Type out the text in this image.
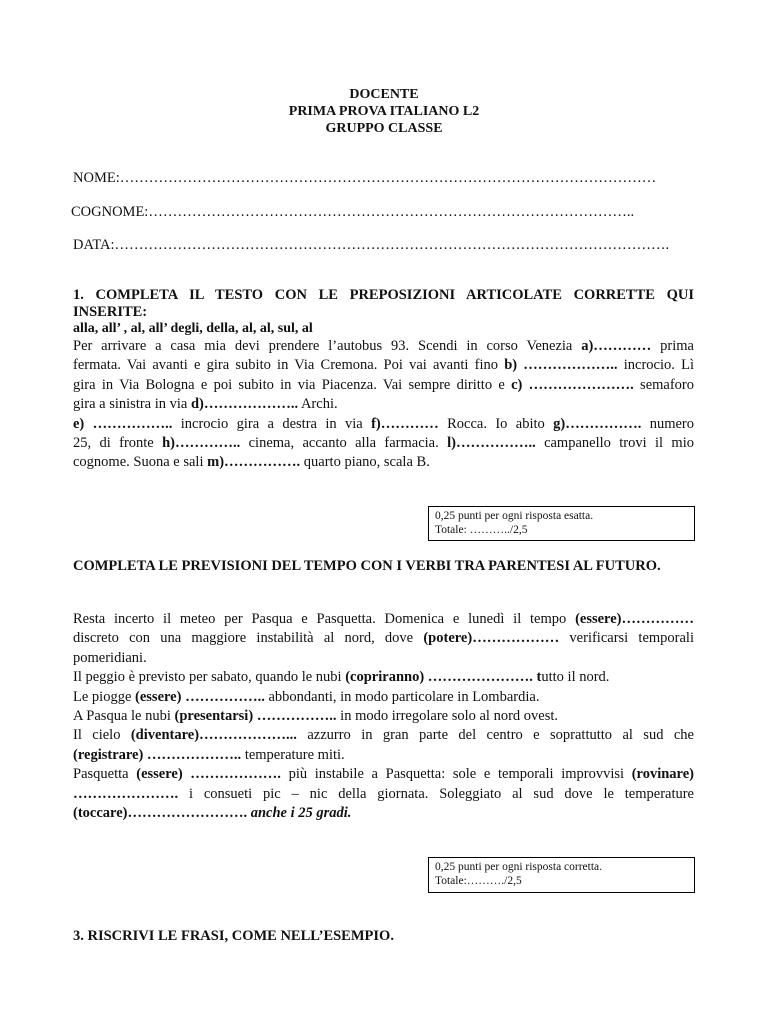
DOCENTE
PRIMA PROVA ITALIANO L2
GRUPPO CLASSE
NOME:…………………………………………………………………………………………………
COGNOME:………………………………………………………………………………………..
DATA:…………………………………………………………………………………………………….
1. COMPLETA IL TESTO CON LE PREPOSIZIONI ARTICOLATE CORRETTE QUI INSERITE:
alla, all’ , al, all’ degli, della, al, al, sul, al
Per arrivare a casa mia devi prendere l’autobus 93. Scendi in corso Venezia a)………… prima
fermata. Vai avanti e gira subito in Via Cremona. Poi vai avanti fino b) ……………….. incrocio. Lì
gira in Via Bologna e poi subito in via Piacenza. Vai sempre diritto e c) …………………. semaforo
gira a sinistra in via d)……………….. Archi.
e) …………….. incrocio gira a destra in via f)………… Rocca. Io abito g)……………. numero
25, di fronte h)………….. cinema, accanto alla farmacia. l)…………….. campanello trovi il mio
cognome. Suona e sali m)……………. quarto piano, scala B.
0,25 punti per ogni risposta esatta.
Totale: ………../2,5
COMPLETA LE PREVISIONI DEL TEMPO CON I VERBI TRA PARENTESI AL FUTURO.
Resta incerto il meteo per Pasqua e Pasquetta. Domenica e lunedì il tempo (essere)……………
discreto con una maggiore instabilità al nord, dove (potere)……………… verificarsi temporali
pomeridiani.
Il peggio è previsto per sabato, quando le nubi (copriranno) …………………. tutto il nord.
Le piogge (essere) …………….. abbondanti, in modo particolare in Lombardia.
A Pasqua le nubi (presentarsi) …………….. in modo irregolare solo al nord ovest.
Il cielo (diventare)………………... azzurro in gran parte del centro e soprattutto al sud che
(registrare) ……………….. temperature miti.
Pasquetta (essere) ………………. più instabile a Pasquetta: sole e temporali improvvisi (rovinare)
…………………. i consueti pic – nic della giornata. Soleggiato al sud dove le temperature
(toccare)……………………. anche i 25 gradi.
0,25 punti per ogni risposta corretta.
Totale:………./2,5
3. RISCRIVI LE FRASI, COME NELL’ESEMPIO.
